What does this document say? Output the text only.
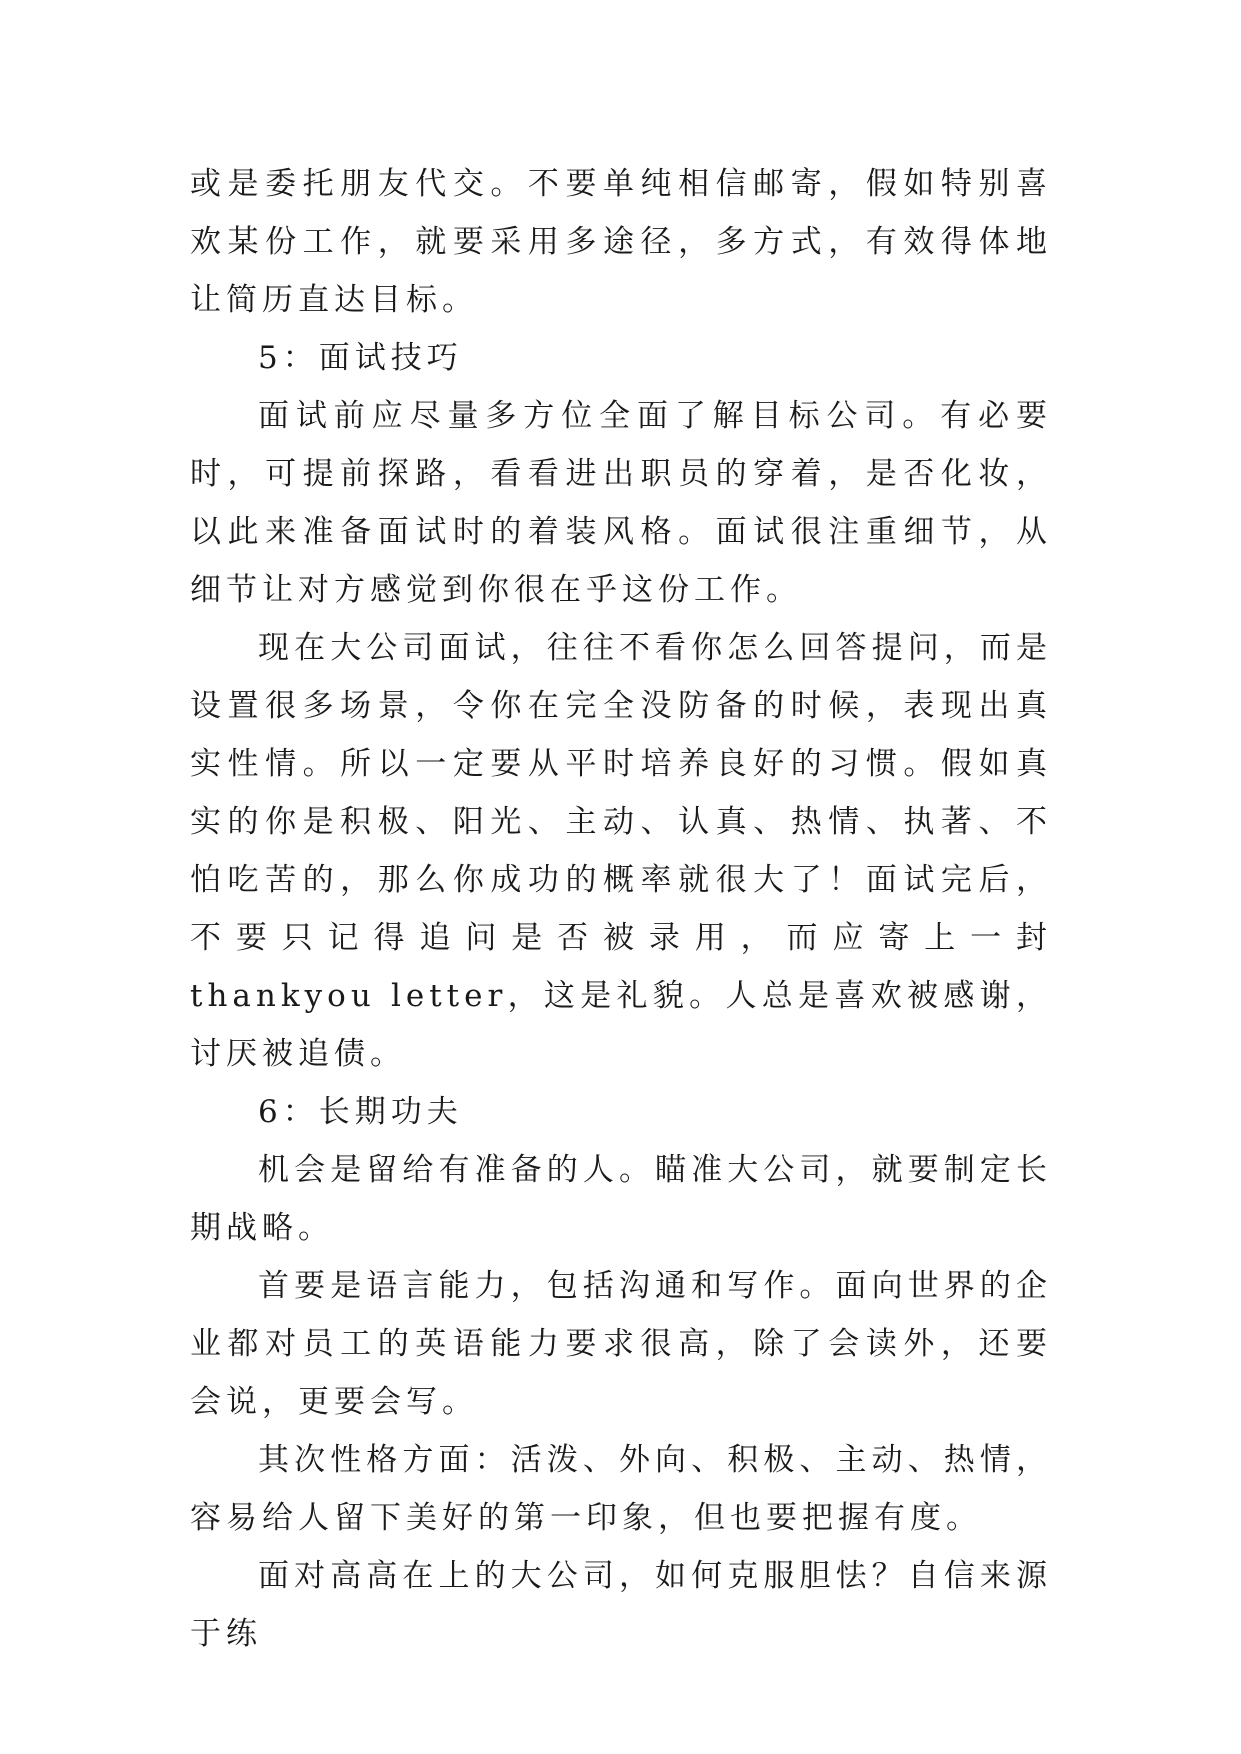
或是委托朋友代交。不要单纯相信邮寄，假如特别喜欢某份工作，就要采用多途径，多方式，有效得体地让简历直达目标。

5：面试技巧

面试前应尽量多方位全面了解目标公司。有必要时，可提前探路，看看进出职员的穿着，是否化妆，以此来准备面试时的着装风格。面试很注重细节，从细节让对方感觉到你很在乎这份工作。

现在大公司面试，往往不看你怎么回答提问，而是设置很多场景，令你在完全没防备的时候，表现出真实性情。所以一定要从平时培养良好的习惯。假如真实的你是积极、阳光、主动、认真、热情、执著、不怕吃苦的，那么你成功的概率就很大了！面试完后，不要只记得追问是否被录用，而应寄上一封 thankyou letter，这是礼貌。人总是喜欢被感谢，讨厌被追债。

6：长期功夫

机会是留给有准备的人。瞄准大公司，就要制定长期战略。

首要是语言能力，包括沟通和写作。面向世界的企业都对员工的英语能力要求很高，除了会读外，还要会说，更要会写。

其次性格方面：活泼、外向、积极、主动、热情，容易给人留下美好的第一印象，但也要把握有度。

面对高高在上的大公司，如何克服胆怯？自信来源于练
